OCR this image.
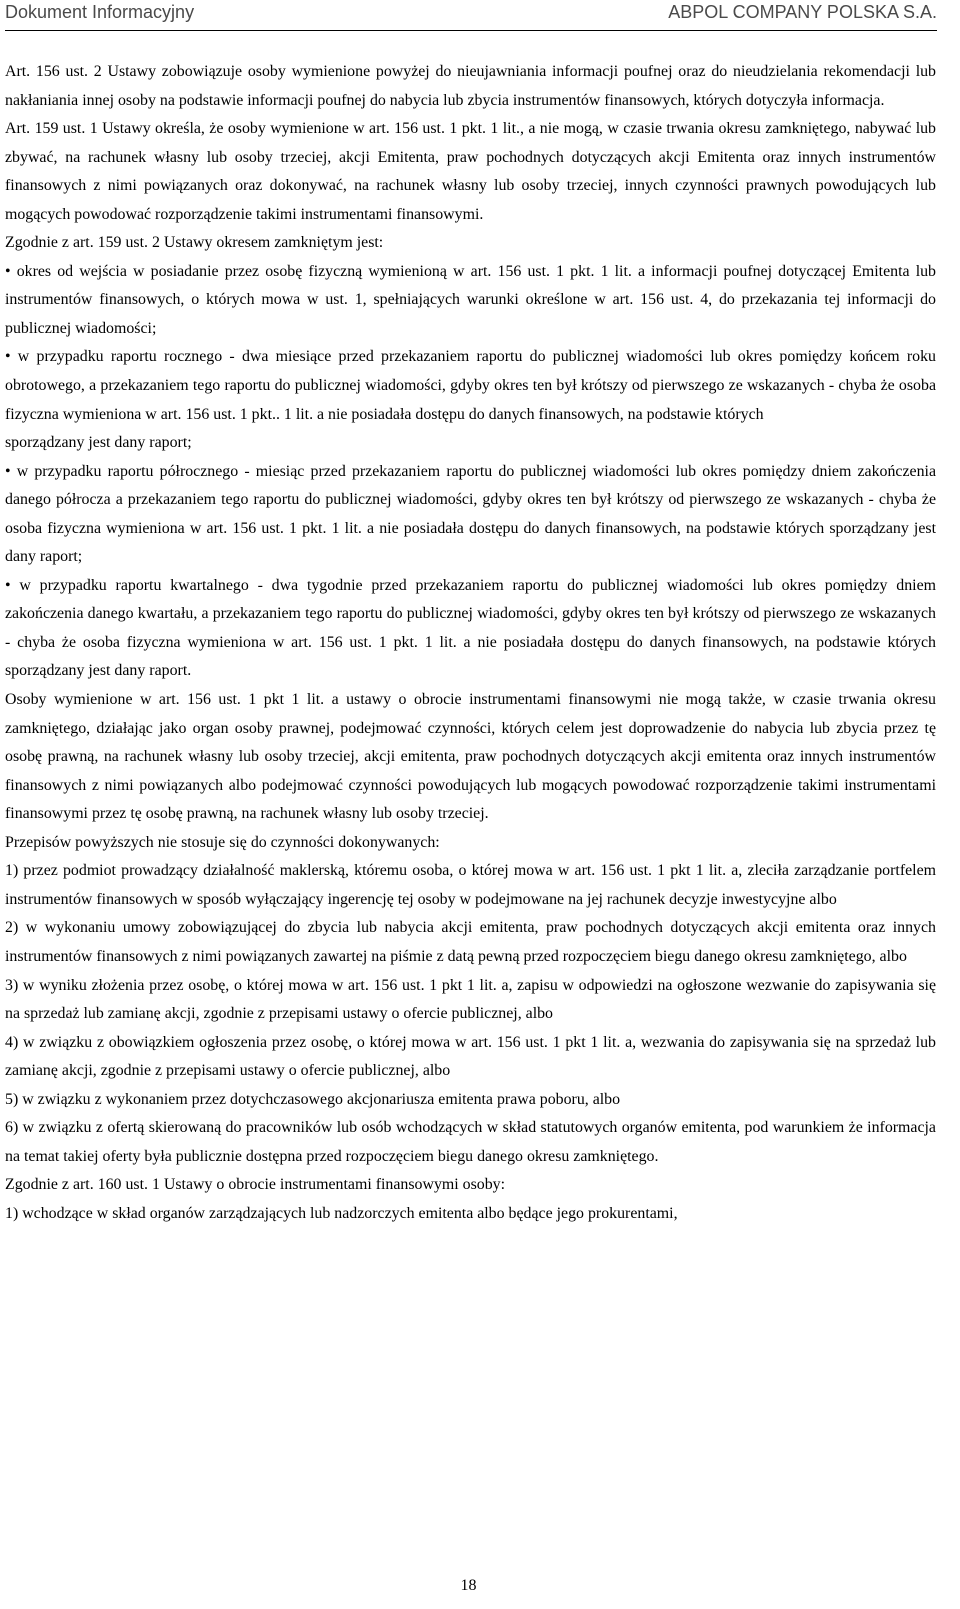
Dokument Informacyjny	ABPOL COMPANY POLSKA S.A.

Art. 156 ust. 2 Ustawy zobowiązuje osoby wymienione powyżej do nieujawniania informacji poufnej oraz do nieudzielania rekomendacji lub nakłaniania innej osoby na podstawie informacji poufnej do nabycia lub zbycia instrumentów finansowych, których dotyczyła informacja.

Art. 159 ust. 1 Ustawy określa, że osoby wymienione w art. 156 ust. 1 pkt. 1 lit., a nie mogą, w czasie trwania okresu zamkniętego, nabywać lub zbywać, na rachunek własny lub osoby trzeciej, akcji Emitenta, praw pochodnych dotyczących akcji Emitenta oraz innych instrumentów finansowych z nimi powiązanych oraz dokonywać, na rachunek własny lub osoby trzeciej, innych czynności prawnych powodujących lub mogących powodować rozporządzenie takimi instrumentami finansowymi.

Zgodnie z art. 159 ust. 2 Ustawy okresem zamkniętym jest:

• okres od wejścia w posiadanie przez osobę fizyczną wymienioną w art. 156 ust. 1 pkt. 1 lit. a informacji poufnej dotyczącej Emitenta lub instrumentów finansowych, o których mowa w ust. 1, spełniających warunki określone w art. 156 ust. 4, do przekazania tej informacji do publicznej wiadomości;

• w przypadku raportu rocznego - dwa miesiące przed przekazaniem raportu do publicznej wiadomości lub okres pomiędzy końcem roku obrotowego, a przekazaniem tego raportu do publicznej wiadomości, gdyby okres ten był krótszy od pierwszego ze wskazanych - chyba że osoba fizyczna wymieniona w art. 156 ust. 1 pkt.. 1 lit. a nie posiadała dostępu do danych finansowych, na podstawie których

sporządzany jest dany raport;

• w przypadku raportu półrocznego - miesiąc przed przekazaniem raportu do publicznej wiadomości lub okres pomiędzy dniem zakończenia danego półrocza a przekazaniem tego raportu do publicznej wiadomości, gdyby okres ten był krótszy od pierwszego ze wskazanych - chyba że osoba fizyczna wymieniona w art. 156 ust. 1 pkt. 1 lit. a nie posiadała dostępu do danych finansowych, na podstawie których sporządzany jest dany raport;

• w przypadku raportu kwartalnego - dwa tygodnie przed przekazaniem raportu do publicznej wiadomości lub okres pomiędzy dniem zakończenia danego kwartału, a przekazaniem tego raportu do publicznej wiadomości, gdyby okres ten był krótszy od pierwszego ze wskazanych - chyba że osoba fizyczna wymieniona w art. 156 ust. 1 pkt. 1 lit. a nie posiadała dostępu do danych finansowych, na podstawie których sporządzany jest dany raport.

Osoby wymienione w art. 156 ust. 1 pkt 1 lit. a ustawy o obrocie instrumentami finansowymi nie mogą także, w czasie trwania okresu zamkniętego, działając jako organ osoby prawnej, podejmować czynności, których celem jest doprowadzenie do nabycia lub zbycia przez tę osobę prawną, na rachunek własny lub osoby trzeciej, akcji emitenta, praw pochodnych dotyczących akcji emitenta oraz innych instrumentów finansowych z nimi powiązanych albo podejmować czynności powodujących lub mogących powodować rozporządzenie takimi instrumentami finansowymi przez tę osobę prawną, na rachunek własny lub osoby trzeciej.

Przepisów powyższych nie stosuje się do czynności dokonywanych:

1) przez podmiot prowadzący działalność maklerską, któremu osoba, o której mowa w art. 156 ust. 1 pkt 1 lit. a, zleciła zarządzanie portfelem instrumentów finansowych w sposób wyłączający ingerencję tej osoby w podejmowane na jej rachunek decyzje inwestycyjne albo

2) w wykonaniu umowy zobowiązującej do zbycia lub nabycia akcji emitenta, praw pochodnych dotyczących akcji emitenta oraz innych instrumentów finansowych z nimi powiązanych zawartej na piśmie z datą pewną przed rozpoczęciem biegu danego okresu zamkniętego, albo

3) w wyniku złożenia przez osobę, o której mowa w art. 156 ust. 1 pkt 1 lit. a, zapisu w odpowiedzi na ogłoszone wezwanie do zapisywania się na sprzedaż lub zamianę akcji, zgodnie z przepisami ustawy o ofercie publicznej, albo

4) w związku z obowiązkiem ogłoszenia przez osobę, o której mowa w art. 156 ust. 1 pkt 1 lit. a, wezwania do zapisywania się na sprzedaż lub zamianę akcji, zgodnie z przepisami ustawy o ofercie publicznej, albo

5) w związku z wykonaniem przez dotychczasowego akcjonariusza emitenta prawa poboru, albo

6) w związku z ofertą skierowaną do pracowników lub osób wchodzących w skład statutowych organów emitenta, pod warunkiem że informacja na temat takiej oferty była publicznie dostępna przed rozpoczęciem biegu danego okresu zamkniętego.

Zgodnie z art. 160 ust. 1 Ustawy o obrocie instrumentami finansowymi osoby:

1) wchodzące w skład organów zarządzających lub nadzorczych emitenta albo będące jego prokurentami,

18
